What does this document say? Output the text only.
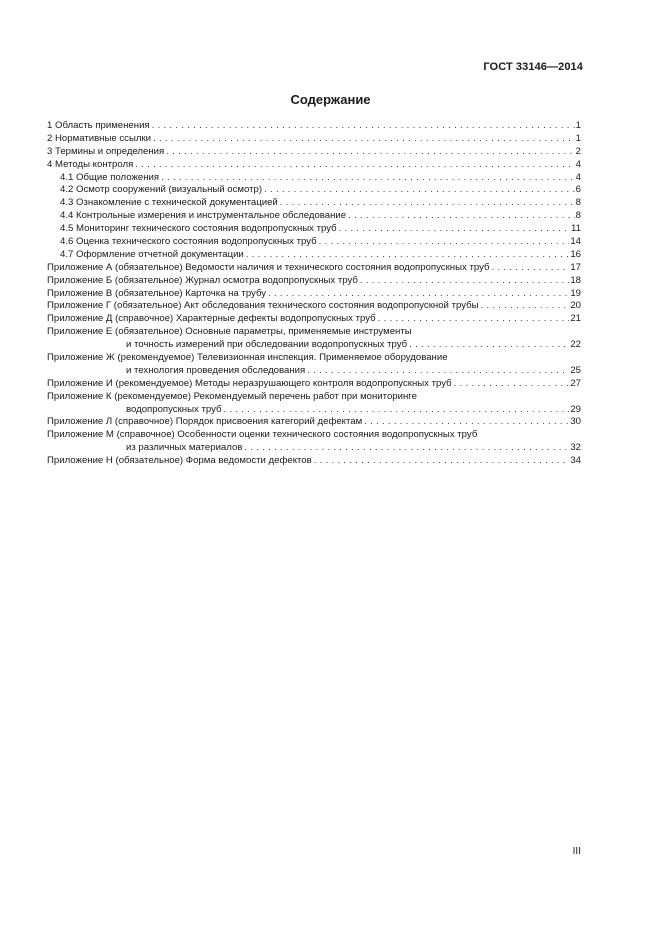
ГОСТ 33146—2014
Содержание
1 Область применения . . .	1
2 Нормативные ссылки . . .	1
3 Термины и определения . . .	2
4 Методы контроля . . .	4
4.1 Общие положения . . .	4
4.2 Осмотр сооружений (визуальный осмотр) . . .	6
4.3 Ознакомление с технической документацией . . .	8
4.4 Контрольные измерения и инструментальное обследование . . .	8
4.5 Мониторинг технического состояния водопропускных труб . . .	11
4.6 Оценка технического состояния водопропускных труб . . .	14
4.7 Оформление отчетной документации . . .	16
Приложение А (обязательное) Ведомости наличия и технического состояния водопропускных труб . . .	17
Приложение Б (обязательное) Журнал осмотра водопропускных труб . . .	18
Приложение В (обязательное) Карточка на трубу . . .	19
Приложение Г (обязательное) Акт обследования технического состояния водопропускной трубы . . .	20
Приложение Д (справочное) Характерные дефекты водопропускных труб . . .	21
Приложение Е (обязательное) Основные параметры, применяемые инструменты
и точность измерений при обследовании водопропускных труб . . .	22
Приложение Ж (рекомендуемое) Телевизионная инспекция. Применяемое оборудование
и технология проведения обследования . . .	25
Приложение И (рекомендуемое) Методы неразрушающего контроля водопропускных труб . . .	27
Приложение К (рекомендуемое) Рекомендуемый перечень работ при мониторинге
водопропускных труб . . .	29
Приложение Л (справочное) Порядок присвоения категорий дефектам . . .	30
Приложение М (справочное) Особенности оценки технического состояния водопропускных труб
из различных материалов . . .	32
Приложение Н (обязательное) Форма ведомости дефектов . . .	34
III
